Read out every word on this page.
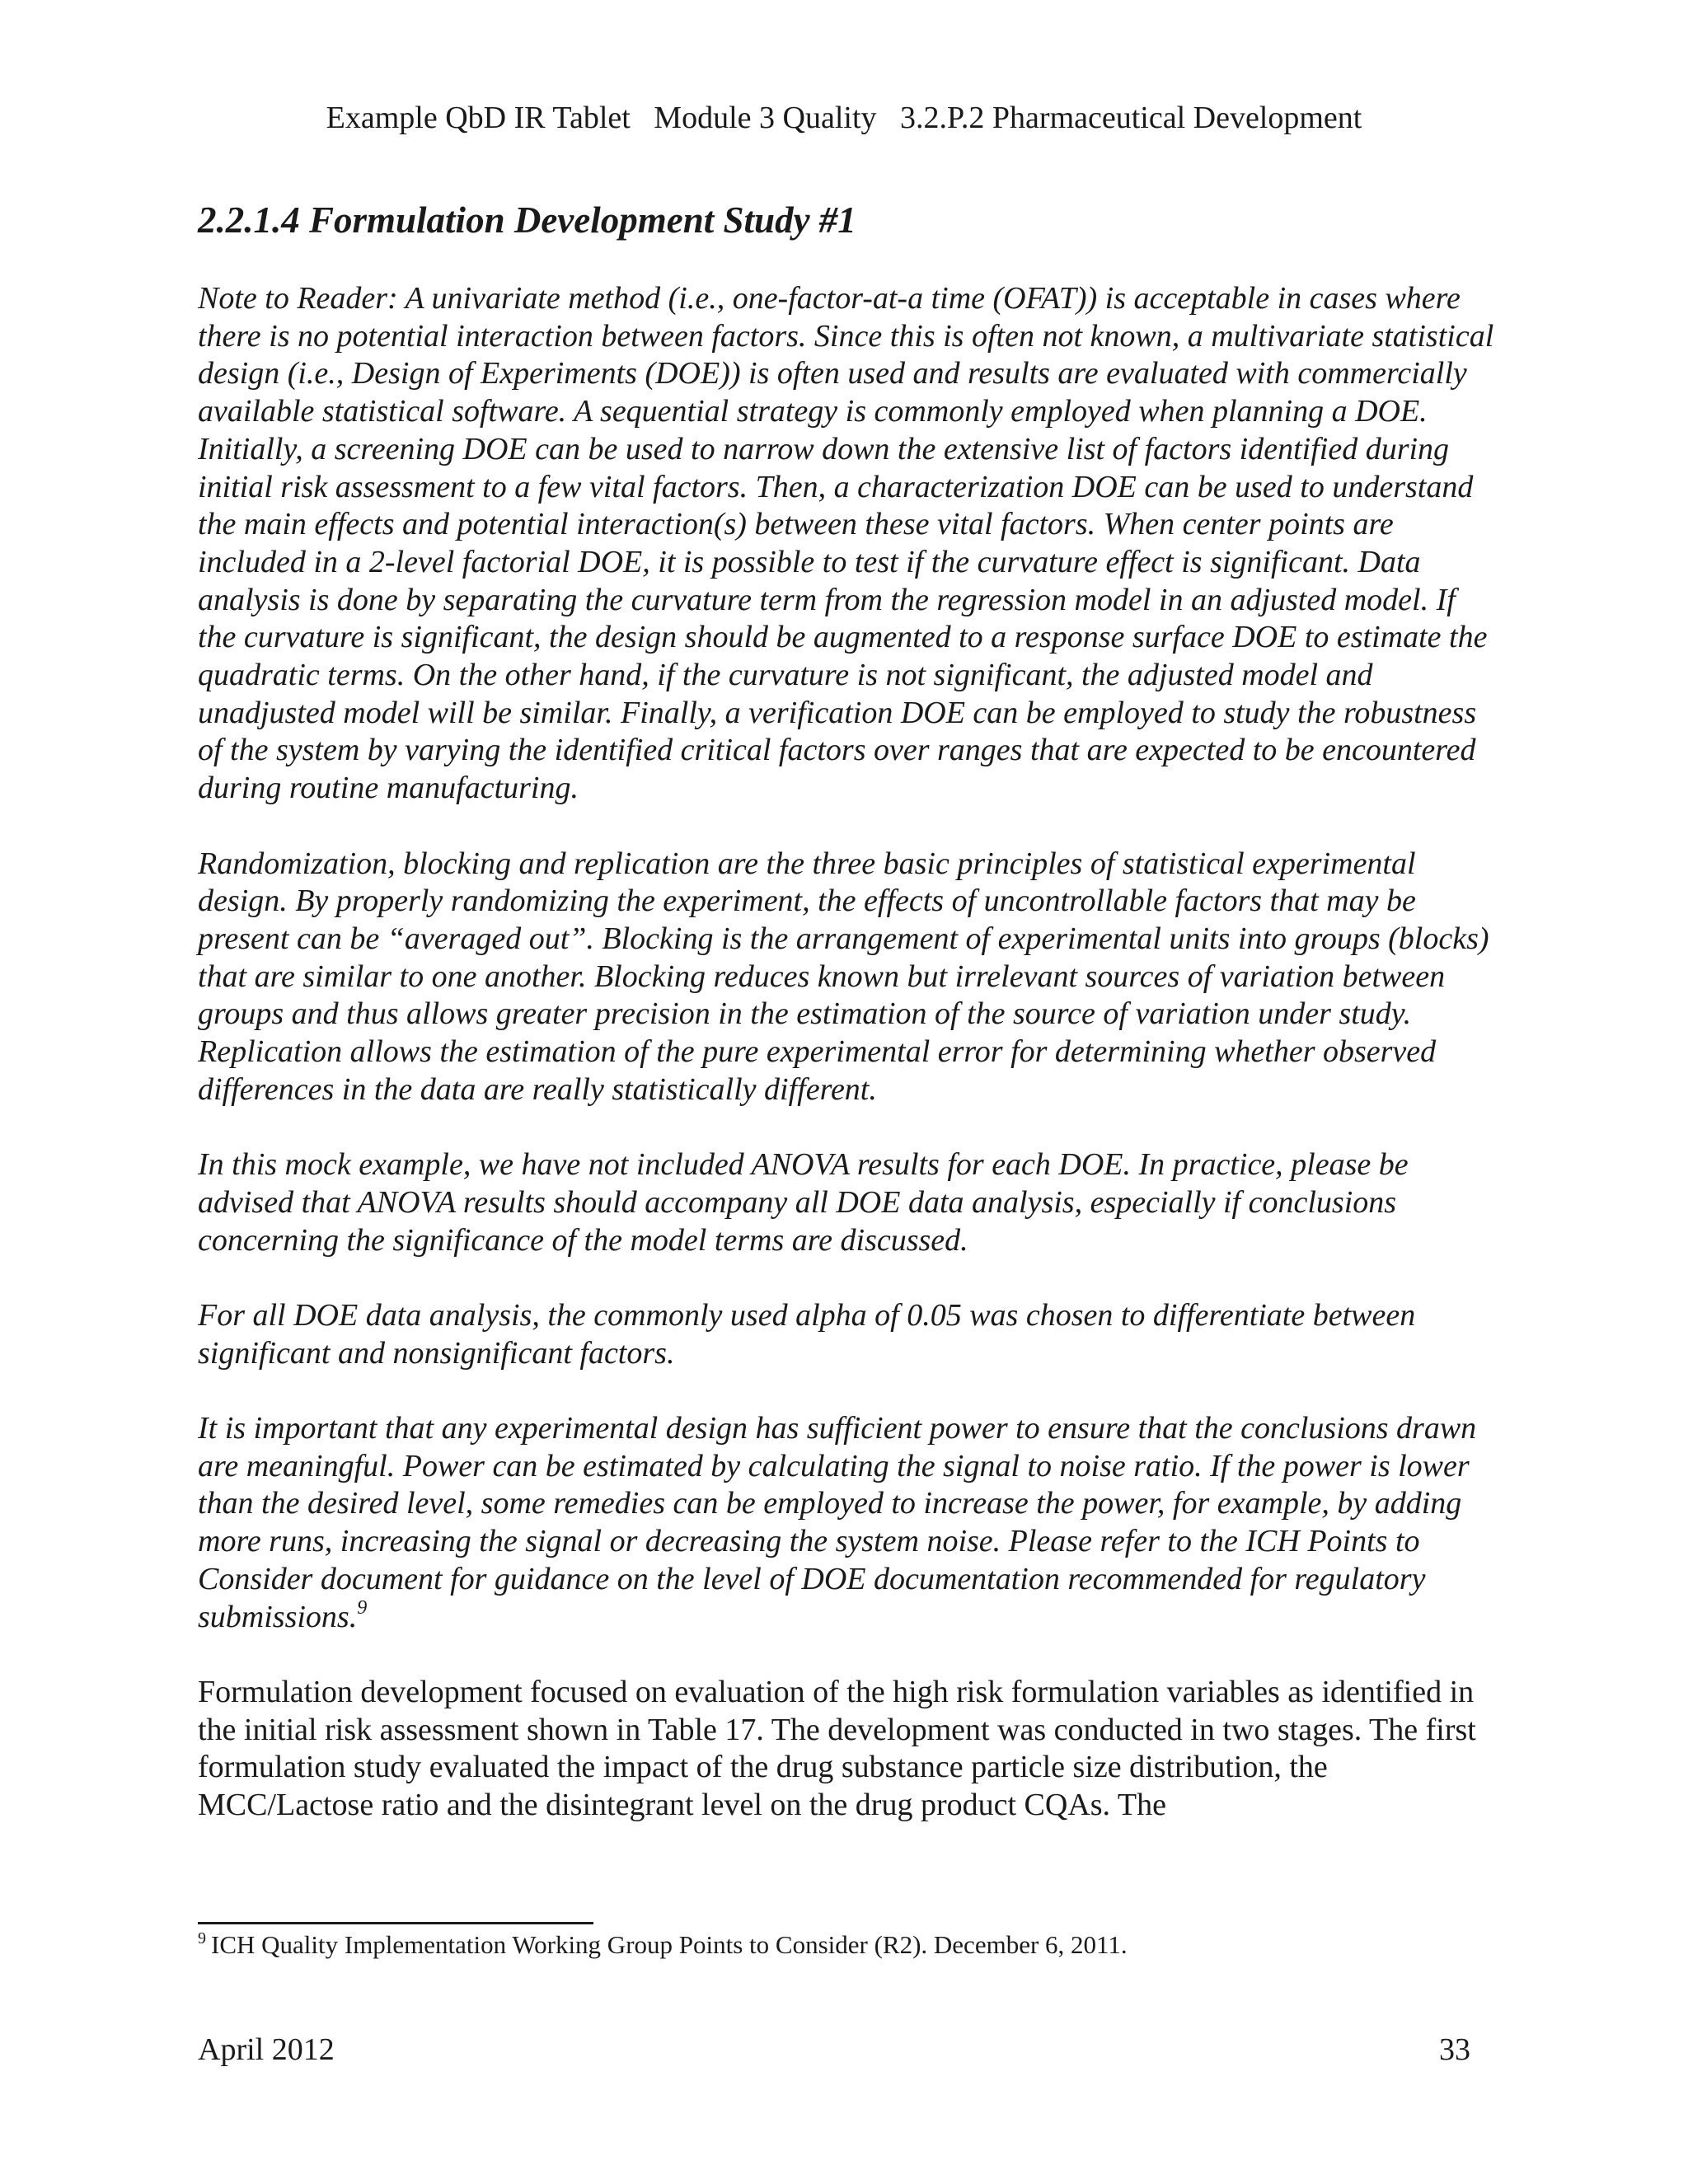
Example QbD IR Tablet   Module 3 Quality   3.2.P.2 Pharmaceutical Development
2.2.1.4 Formulation Development Study #1

Note to Reader: A univariate method (i.e., one-factor-at-a time (OFAT)) is acceptable in cases where there is no potential interaction between factors. Since this is often not known, a multivariate statistical design (i.e., Design of Experiments (DOE)) is often used and results are evaluated with commercially available statistical software. A sequential strategy is commonly employed when planning a DOE. Initially, a screening DOE can be used to narrow down the extensive list of factors identified during initial risk assessment to a few vital factors. Then, a characterization DOE can be used to understand the main effects and potential interaction(s) between these vital factors. When center points are included in a 2-level factorial DOE, it is possible to test if the curvature effect is significant. Data analysis is done by separating the curvature term from the regression model in an adjusted model. If the curvature is significant, the design should be augmented to a response surface DOE to estimate the quadratic terms. On the other hand, if the curvature is not significant, the adjusted model and unadjusted model will be similar. Finally, a verification DOE can be employed to study the robustness of the system by varying the identified critical factors over ranges that are expected to be encountered during routine manufacturing.

Randomization, blocking and replication are the three basic principles of statistical experimental design. By properly randomizing the experiment, the effects of uncontrollable factors that may be present can be “averaged out”. Blocking is the arrangement of experimental units into groups (blocks) that are similar to one another. Blocking reduces known but irrelevant sources of variation between groups and thus allows greater precision in the estimation of the source of variation under study. Replication allows the estimation of the pure experimental error for determining whether observed differences in the data are really statistically different.

In this mock example, we have not included ANOVA results for each DOE. In practice, please be advised that ANOVA results should accompany all DOE data analysis, especially if conclusions concerning the significance of the model terms are discussed.

For all DOE data analysis, the commonly used alpha of 0.05 was chosen to differentiate between significant and nonsignificant factors.

It is important that any experimental design has sufficient power to ensure that the conclusions drawn are meaningful. Power can be estimated by calculating the signal to noise ratio. If the power is lower than the desired level, some remedies can be employed to increase the power, for example, by adding more runs, increasing the signal or decreasing the system noise. Please refer to the ICH Points to Consider document for guidance on the level of DOE documentation recommended for regulatory submissions.$^9$

Formulation development focused on evaluation of the high risk formulation variables as identified in the initial risk assessment shown in Table 17. The development was conducted in two stages. The first formulation study evaluated the impact of the drug substance particle size distribution, the MCC/Lactose ratio and the disintegrant level on the drug product CQAs. The

$^9$ ICH Quality Implementation Working Group Points to Consider (R2). December 6, 2011.
April 2012	33
